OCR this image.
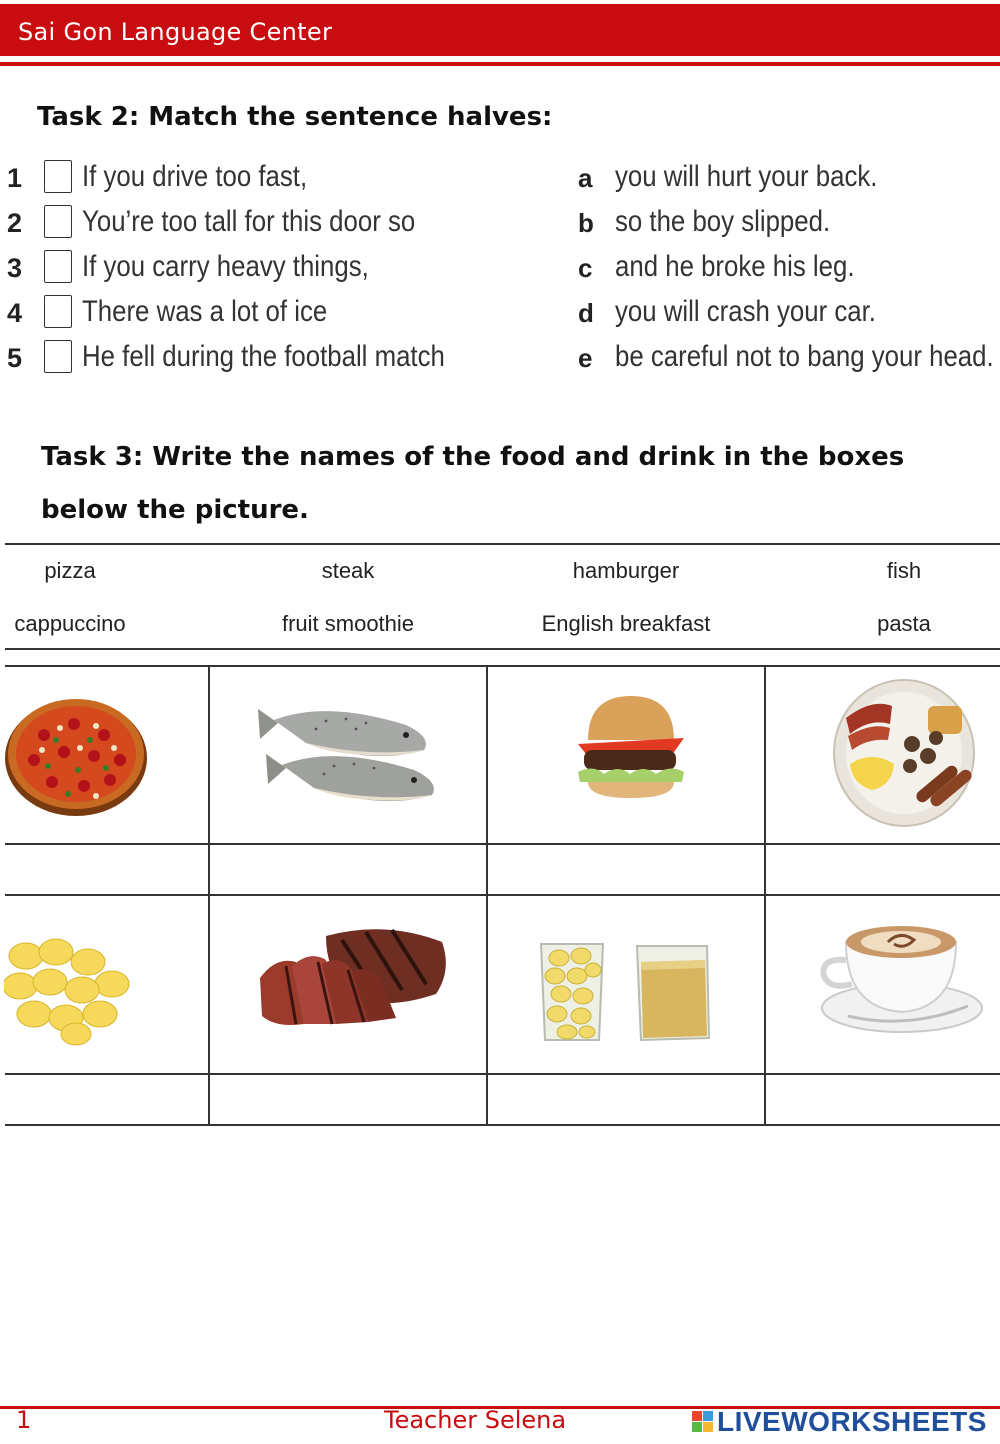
Sai Gon Language Center
Task 2: Match the sentence halves:
1 If you drive too fast,	a you will hurt your back.
2 You’re too tall for this door so	b so the boy slipped.
3 If you carry heavy things,	c and he broke his leg.
4 There was a lot of ice	d you will crash your car.
5 He fell during the football match	e be careful not to bang your head.
Task 3: Write the names of the food and drink in the boxes
below the picture.
pizza	steak	hamburger	fish
cappuccino	fruit smoothie	English breakfast	pasta
1	Teacher Selena	LIVEWORKSHEETS
